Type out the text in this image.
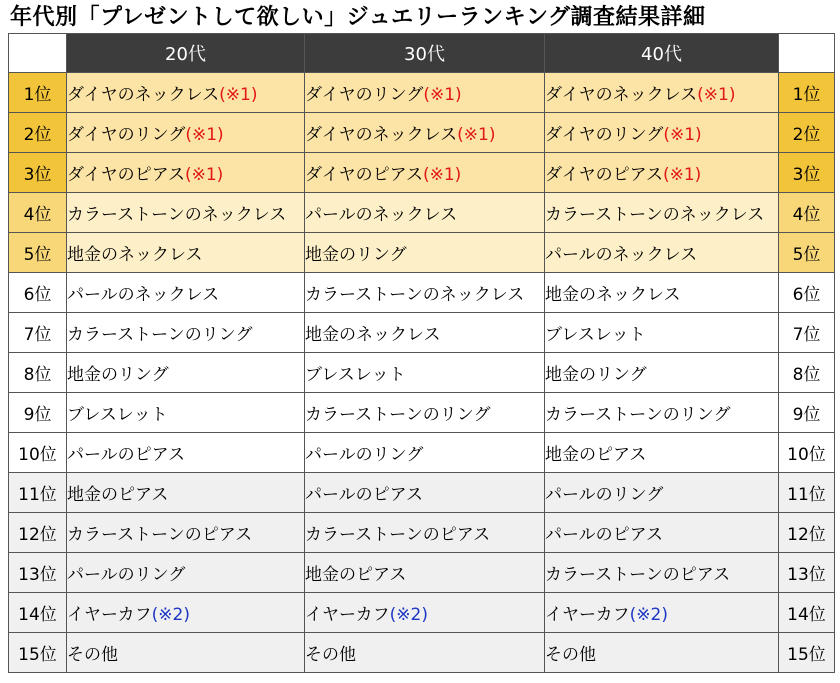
年代別「プレゼントして欲しい」ジュエリーランキング調査結果詳細
	20代	30代	40代	
1位	ダイヤのネックレス(※1)	ダイヤのリング(※1)	ダイヤのネックレス(※1)	1位
2位	ダイヤのリング(※1)	ダイヤのネックレス(※1)	ダイヤのリング(※1)	2位
3位	ダイヤのピアス(※1)	ダイヤのピアス(※1)	ダイヤのピアス(※1)	3位
4位	カラーストーンのネックレス	パールのネックレス	カラーストーンのネックレス	4位
5位	地金のネックレス	地金のリング	パールのネックレス	5位
6位	パールのネックレス	カラーストーンのネックレス	地金のネックレス	6位
7位	カラーストーンのリング	地金のネックレス	ブレスレット	7位
8位	地金のリング	ブレスレット	地金のリング	8位
9位	ブレスレット	カラーストーンのリング	カラーストーンのリング	9位
10位	パールのピアス	パールのリング	地金のピアス	10位
11位	地金のピアス	パールのピアス	パールのリング	11位
12位	カラーストーンのピアス	カラーストーンのピアス	パールのピアス	12位
13位	パールのリング	地金のピアス	カラーストーンのピアス	13位
14位	イヤーカフ(※2)	イヤーカフ(※2)	イヤーカフ(※2)	14位
15位	その他	その他	その他	15位
